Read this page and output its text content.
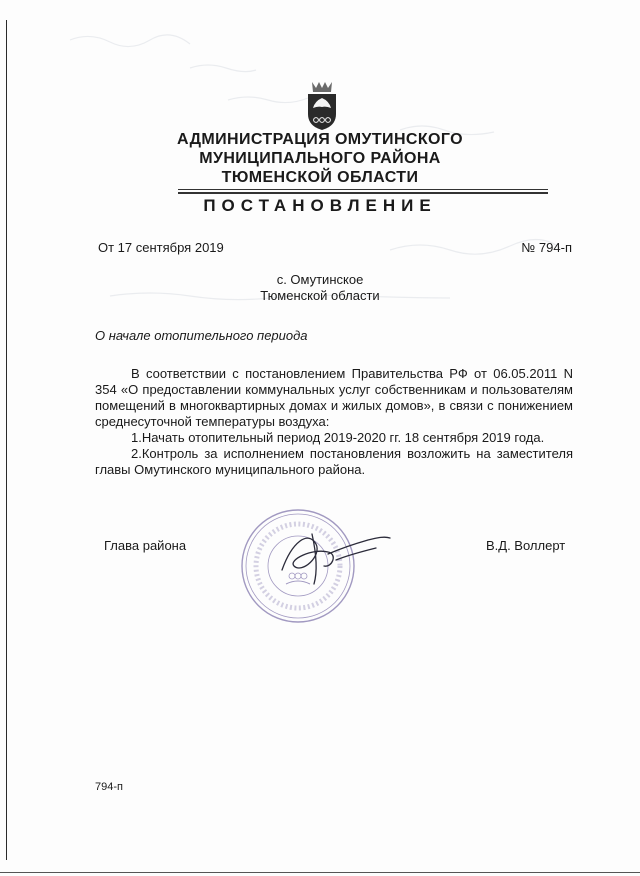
АДМИНИСТРАЦИЯ ОМУТИНСКОГО
МУНИЦИПАЛЬНОГО РАЙОНА
ТЮМЕНСКОЙ ОБЛАСТИ
ПОСТАНОВЛЕНИЕ
От 17 сентября 2019	№ 794-п
с. Омутинское
Тюменской области
О начале отопительного периода

В соответствии с постановлением Правительства РФ от 06.05.2011 N 354 «О предоставлении коммунальных услуг собственникам и пользователям помещений в многоквартирных домах и жилых домов», в связи с понижением среднесуточной температуры воздуха:

1.Начать отопительный период 2019-2020 гг. 18 сентября 2019 года.

2.Контроль за исполнением постановления возложить на заместителя главы Омутинского муниципального района.

Глава района	В.Д. Воллерт
794-п
